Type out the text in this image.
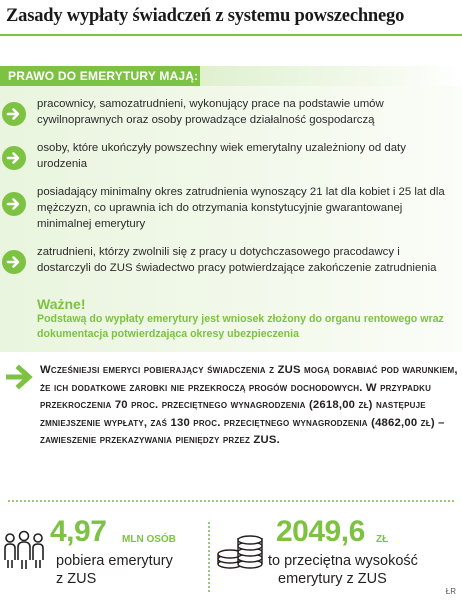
Zasady wypłaty świadczeń z systemu powszechnego
PRAWO DO EMERYTURY MAJĄ:
pracownicy, samozatrudnieni, wykonujący prace na podstawie umów cywilnoprawnych oraz osoby prowadzące działalność gospodarczą
osoby, które ukończyły powszechny wiek emerytalny uzależniony od daty urodzenia
posiadający minimalny okres zatrudnienia wynoszący 21 lat dla kobiet i 25 lat dla mężczyzn, co uprawnia ich do otrzymania konstytucyjnie gwarantowanej minimalnej emerytury
zatrudnieni, którzy zwolnili się z pracy u dotychczasowego pracodawcy i dostarczyli do ZUS świadectwo pracy potwierdzające zakończenie zatrudnienia
Ważne!
Podstawą do wypłaty emerytury jest wniosek złożony do organu rentowego wraz dokumentacja potwierdzająca okresy ubezpieczenia
Wcześniejsi emeryci pobierający świadczenia z ZUS mogą dorabiać pod warunkiem, że ich dodatkowe zarobki nie przekroczą progów dochodowych. W przypadku przekroczenia 70 proc. przeciętnego wynagrodzenia (2618,00 zł) następuje zmniejszenie wypłaty, zaś 130 proc. przeciętnego wynagrodzenia (4862,00 zł) – zawieszenie przekazywania pieniędzy przez ZUS.
4,97 MLN OSÓB
pobiera emerytury
z ZUS
2049,6 ZŁ
to przeciętna wysokość
emerytury z ZUS
ŁR
